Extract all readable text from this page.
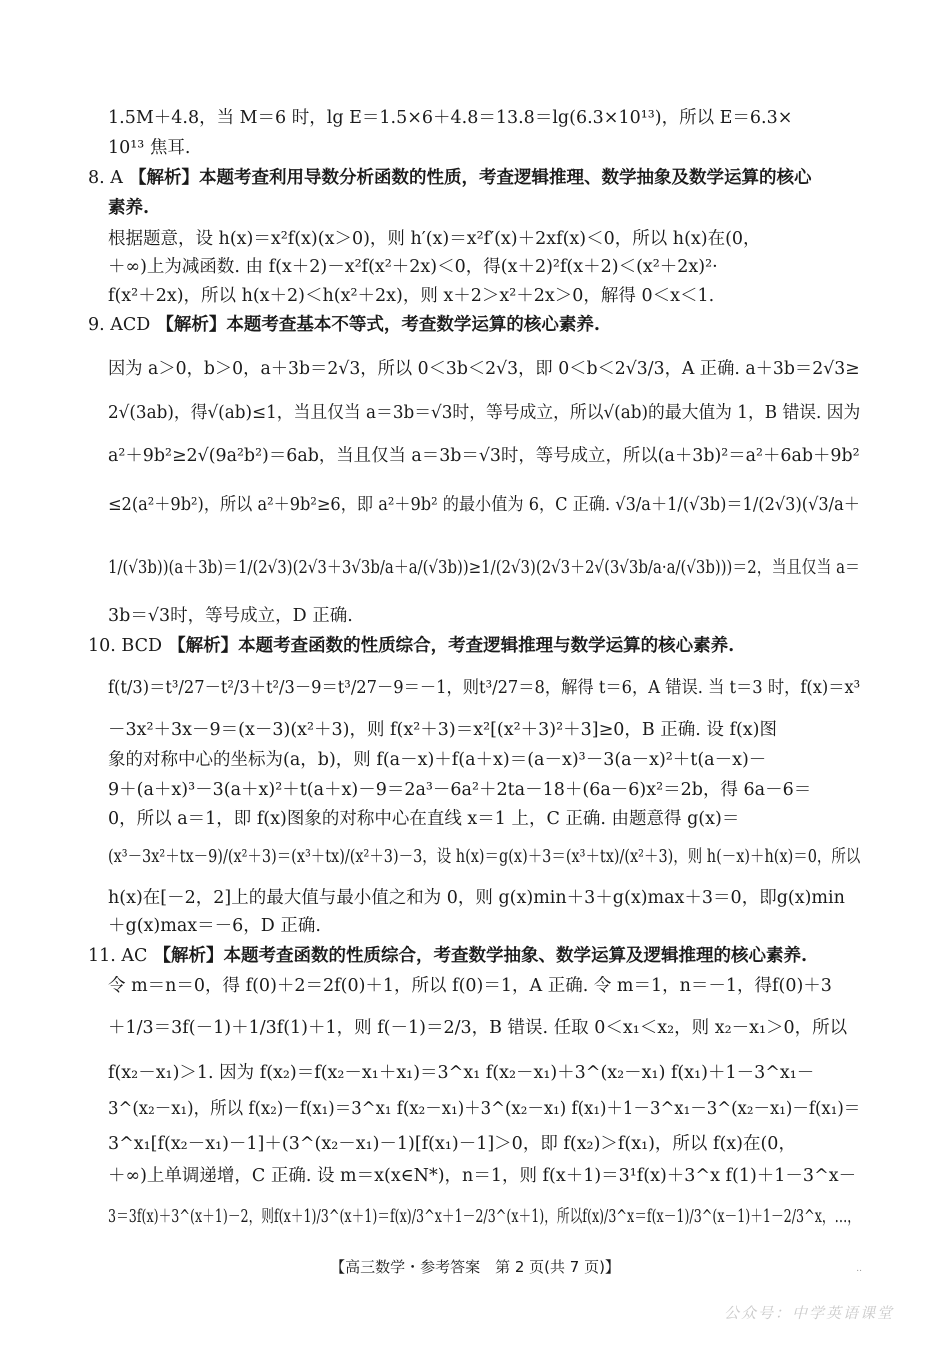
1.5M＋4.8，当 M＝6 时，lg E＝1.5×6＋4.8＝13.8＝lg(6.3×10¹³)，所以 E＝6.3×
10¹³ 焦耳.
8. A 【解析】本题考查利用导数分析函数的性质，考查逻辑推理、数学抽象及数学运算的核心
素养.
根据题意，设 h(x)＝x²f(x)(x＞0)，则 h′(x)＝x²f′(x)＋2xf(x)＜0，所以 h(x)在(0，
＋∞)上为减函数. 由 f(x＋2)－x²f(x²＋2x)＜0，得(x＋2)²f(x＋2)＜(x²＋2x)²·
f(x²＋2x)，所以 h(x＋2)＜h(x²＋2x)，则 x＋2＞x²＋2x＞0，解得 0＜x＜1.
9. ACD 【解析】本题考查基本不等式，考查数学运算的核心素养.
因为 a＞0，b＞0，a＋3b＝2√3，所以 0＜3b＜2√3，即 0＜b＜2√3/3，A 正确. a＋3b＝2√3≥
2√(3ab)，得√(ab)≤1，当且仅当 a＝3b＝√3时，等号成立，所以√(ab)的最大值为 1，B 错误. 因为
a²＋9b²≥2√(9a²b²)＝6ab，当且仅当 a＝3b＝√3时，等号成立，所以(a＋3b)²＝a²＋6ab＋9b²
≤2(a²＋9b²)，所以 a²＋9b²≥6，即 a²＋9b² 的最小值为 6，C 正确. √3/a＋1/(√3b)＝1/(2√3)(√3/a＋
1/(√3b))(a＋3b)＝1/(2√3)(2√3＋3√3b/a＋a/(√3b))≥1/(2√3)(2√3＋2√(3√3b/a·a/(√3b)))＝2，当且仅当 a＝
3b＝√3时，等号成立，D 正确.
10. BCD 【解析】本题考查函数的性质综合，考查逻辑推理与数学运算的核心素养.
f(t/3)＝t³/27－t²/3＋t²/3－9＝t³/27－9＝－1，则t³/27＝8，解得 t＝6，A 错误. 当 t＝3 时，f(x)＝x³
－3x²＋3x－9＝(x－3)(x²＋3)，则 f(x²＋3)＝x²[(x²＋3)²＋3]≥0，B 正确. 设 f(x)图
象的对称中心的坐标为(a，b)，则 f(a－x)＋f(a＋x)＝(a－x)³－3(a－x)²＋t(a－x)－
9＋(a＋x)³－3(a＋x)²＋t(a＋x)－9＝2a³－6a²＋2ta－18＋(6a－6)x²＝2b，得 6a－6＝
0，所以 a＝1，即 f(x)图象的对称中心在直线 x＝1 上，C 正确. 由题意得 g(x)＝
(x³－3x²＋tx－9)/(x²＋3)＝(x³＋tx)/(x²＋3)－3，设 h(x)＝g(x)＋3＝(x³＋tx)/(x²＋3)，则 h(－x)＋h(x)＝0，所以
h(x)在[－2，2]上的最大值与最小值之和为 0，则 g(x)min＋3＋g(x)max＋3＝0，即g(x)min
＋g(x)max＝－6，D 正确.
11. AC 【解析】本题考查函数的性质综合，考查数学抽象、数学运算及逻辑推理的核心素养.
令 m＝n＝0，得 f(0)＋2＝2f(0)＋1，所以 f(0)＝1，A 正确. 令 m＝1，n＝－1，得f(0)＋3
＋1/3＝3f(－1)＋1/3f(1)＋1，则 f(－1)＝2/3，B 错误. 任取 0＜x₁＜x₂，则 x₂－x₁＞0，所以
f(x₂－x₁)＞1. 因为 f(x₂)＝f(x₂－x₁＋x₁)＝3^x₁ f(x₂－x₁)＋3^(x₂－x₁) f(x₁)＋1－3^x₁－
3^(x₂－x₁)，所以 f(x₂)－f(x₁)＝3^x₁ f(x₂－x₁)＋3^(x₂－x₁) f(x₁)＋1－3^x₁－3^(x₂－x₁)－f(x₁)＝
3^x₁[f(x₂－x₁)－1]＋(3^(x₂－x₁)－1)[f(x₁)－1]＞0，即 f(x₂)＞f(x₁)，所以 f(x)在(0，
＋∞)上单调递增，C 正确. 设 m＝x(x∈N*)，n＝1，则 f(x＋1)＝3¹f(x)＋3^x f(1)＋1－3^x－
3＝3f(x)＋3^(x＋1)－2，则f(x＋1)/3^(x＋1)＝f(x)/3^x＋1－2/3^(x＋1)，所以f(x)/3^x＝f(x－1)/3^(x－1)＋1－2/3^x，…，
【高三数学・参考答案　第 2 页(共 7 页)】	..
公众号：中学英语课堂
